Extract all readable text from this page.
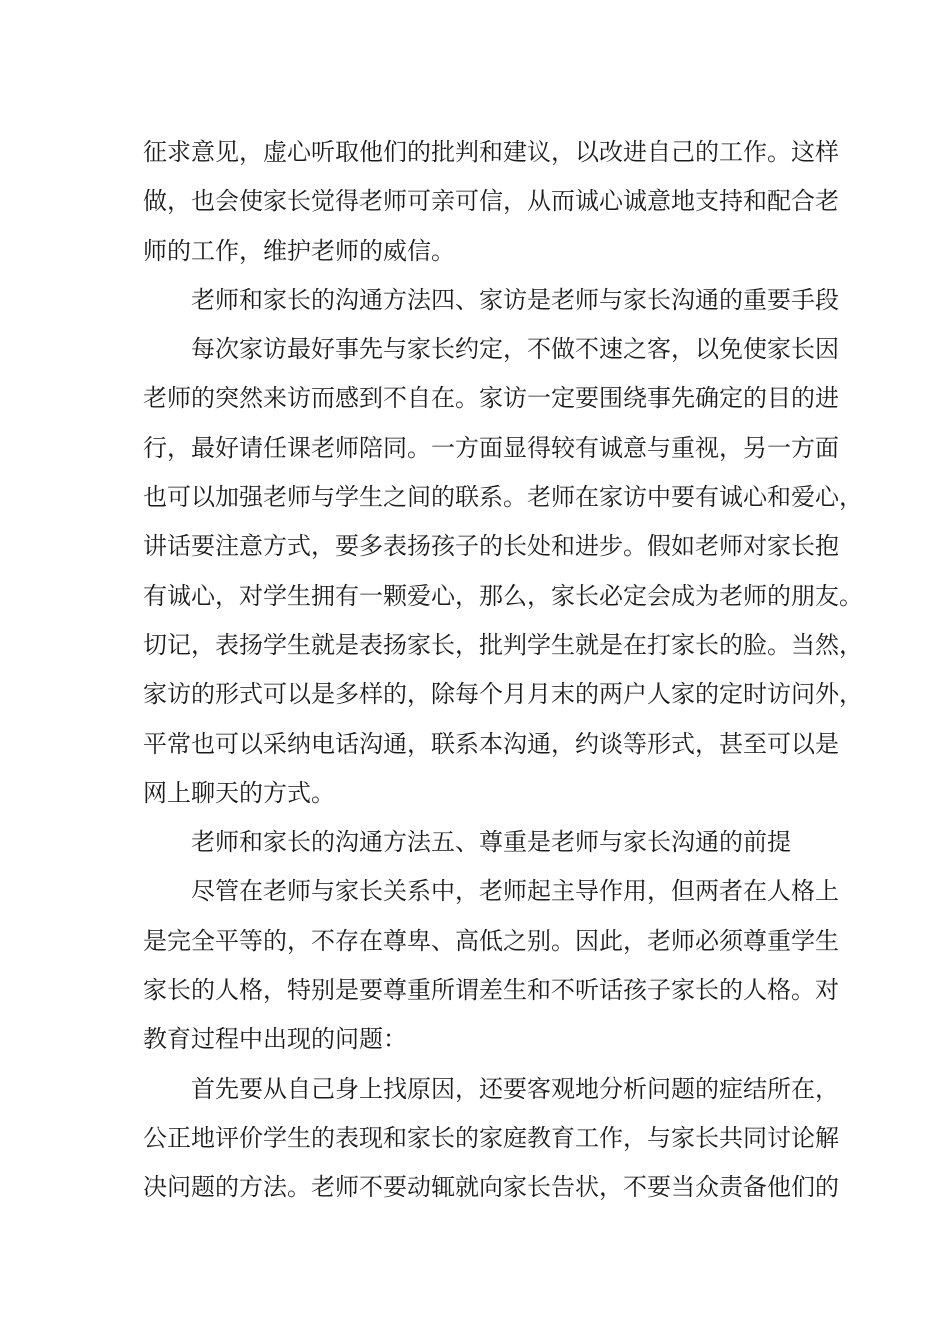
征求意见，虚心听取他们的批判和建议，以改进自己的工作。这样
做，也会使家长觉得老师可亲可信，从而诚心诚意地支持和配合老
师的工作，维护老师的威信。
老师和家长的沟通方法四、家访是老师与家长沟通的重要手段
每次家访最好事先与家长约定，不做不速之客，以免使家长因
老师的突然来访而感到不自在。家访一定要围绕事先确定的目的进
行，最好请任课老师陪同。一方面显得较有诚意与重视，另一方面
也可以加强老师与学生之间的联系。老师在家访中要有诚心和爱心，
讲话要注意方式，要多表扬孩子的长处和进步。假如老师对家长抱
有诚心，对学生拥有一颗爱心，那么，家长必定会成为老师的朋友。
切记，表扬学生就是表扬家长，批判学生就是在打家长的脸。当然，
家访的形式可以是多样的，除每个月月末的两户人家的定时访问外，
平常也可以采纳电话沟通，联系本沟通，约谈等形式，甚至可以是
网上聊天的方式。
老师和家长的沟通方法五、尊重是老师与家长沟通的前提
尽管在老师与家长关系中，老师起主导作用，但两者在人格上
是完全平等的，不存在尊卑、高低之别。因此，老师必须尊重学生
家长的人格，特别是要尊重所谓差生和不听话孩子家长的人格。对
教育过程中出现的问题：
首先要从自己身上找原因，还要客观地分析问题的症结所在，
公正地评价学生的表现和家长的家庭教育工作，与家长共同讨论解
决问题的方法。老师不要动辄就向家长告状，不要当众责备他们的
